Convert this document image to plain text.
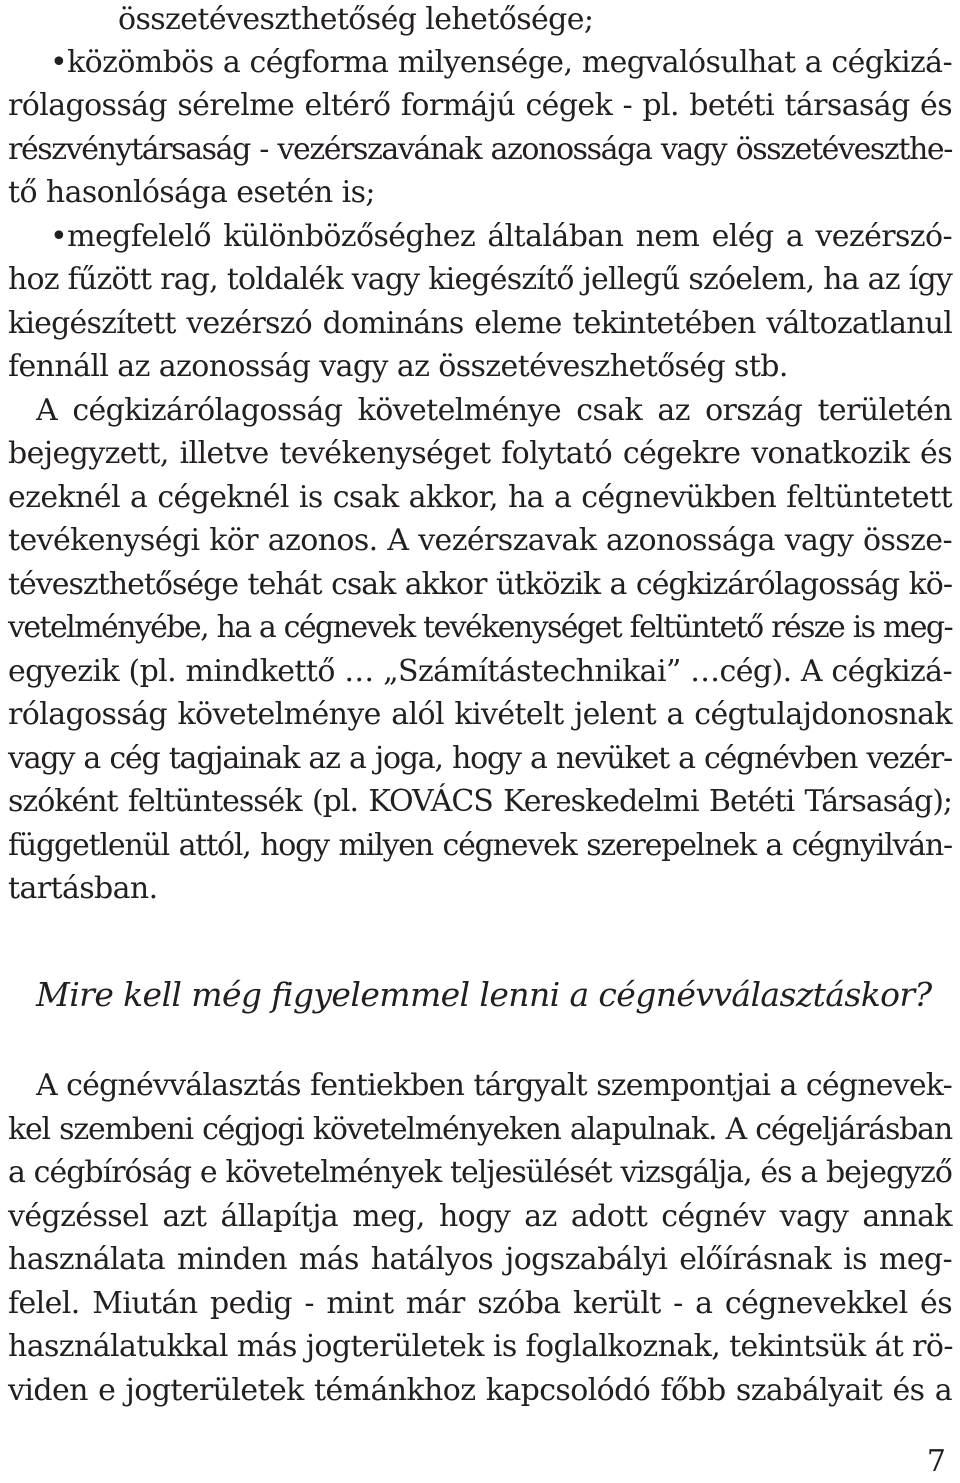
összetéveszthetőség lehetősége;
•közömbös a cégforma milyensége, megvalósulhat a cégkizá-
rólagosság sérelme eltérő formájú cégek - pl. betéti társaság és
részvénytársaság - vezérszavának azonossága vagy összetéveszthe-
tő hasonlósága esetén is;
•megfelelő különbözőséghez általában nem elég a vezérszó-
hoz fűzött rag, toldalék vagy kiegészítő jellegű szóelem, ha az így
kiegészített vezérszó domináns eleme tekintetében változatlanul
fennáll az azonosság vagy az összetéveszhetőség stb.
A cégkizárólagosság követelménye csak az ország területén
bejegyzett, illetve tevékenységet folytató cégekre vonatkozik és
ezeknél a cégeknél is csak akkor, ha a cégnevükben feltüntetett
tevékenységi kör azonos. A vezérszavak azonossága vagy össze-
téveszthetősége tehát csak akkor ütközik a cégkizárólagosság kö-
vetelményébe, ha a cégnevek tevékenységet feltüntető része is meg-
egyezik (pl. mindkettő … „Számítástechnikai” …cég). A cégkizá-
rólagosság követelménye alól kivételt jelent a cégtulajdonosnak
vagy a cég tagjainak az a joga, hogy a nevüket a cégnévben vezér-
szóként feltüntessék (pl. KOVÁCS Kereskedelmi Betéti Társaság);
függetlenül attól, hogy milyen cégnevek szerepelnek a cégnyilván-
tartásban.
Mire kell még figyelemmel lenni a cégnévválasztáskor?
A cégnévválasztás fentiekben tárgyalt szempontjai a cégnevek-
kel szembeni cégjogi követelményeken alapulnak. A cégeljárásban
a cégbíróság e követelmények teljesülését vizsgálja, és a bejegyző
végzéssel azt állapítja meg, hogy az adott cégnév vagy annak
használata minden más hatályos jogszabályi előírásnak is meg-
felel. Miután pedig - mint már szóba került - a cégnevekkel és
használatukkal más jogterületek is foglalkoznak, tekintsük át rö-
viden e jogterületek témánkhoz kapcsolódó főbb szabályait és a
7
